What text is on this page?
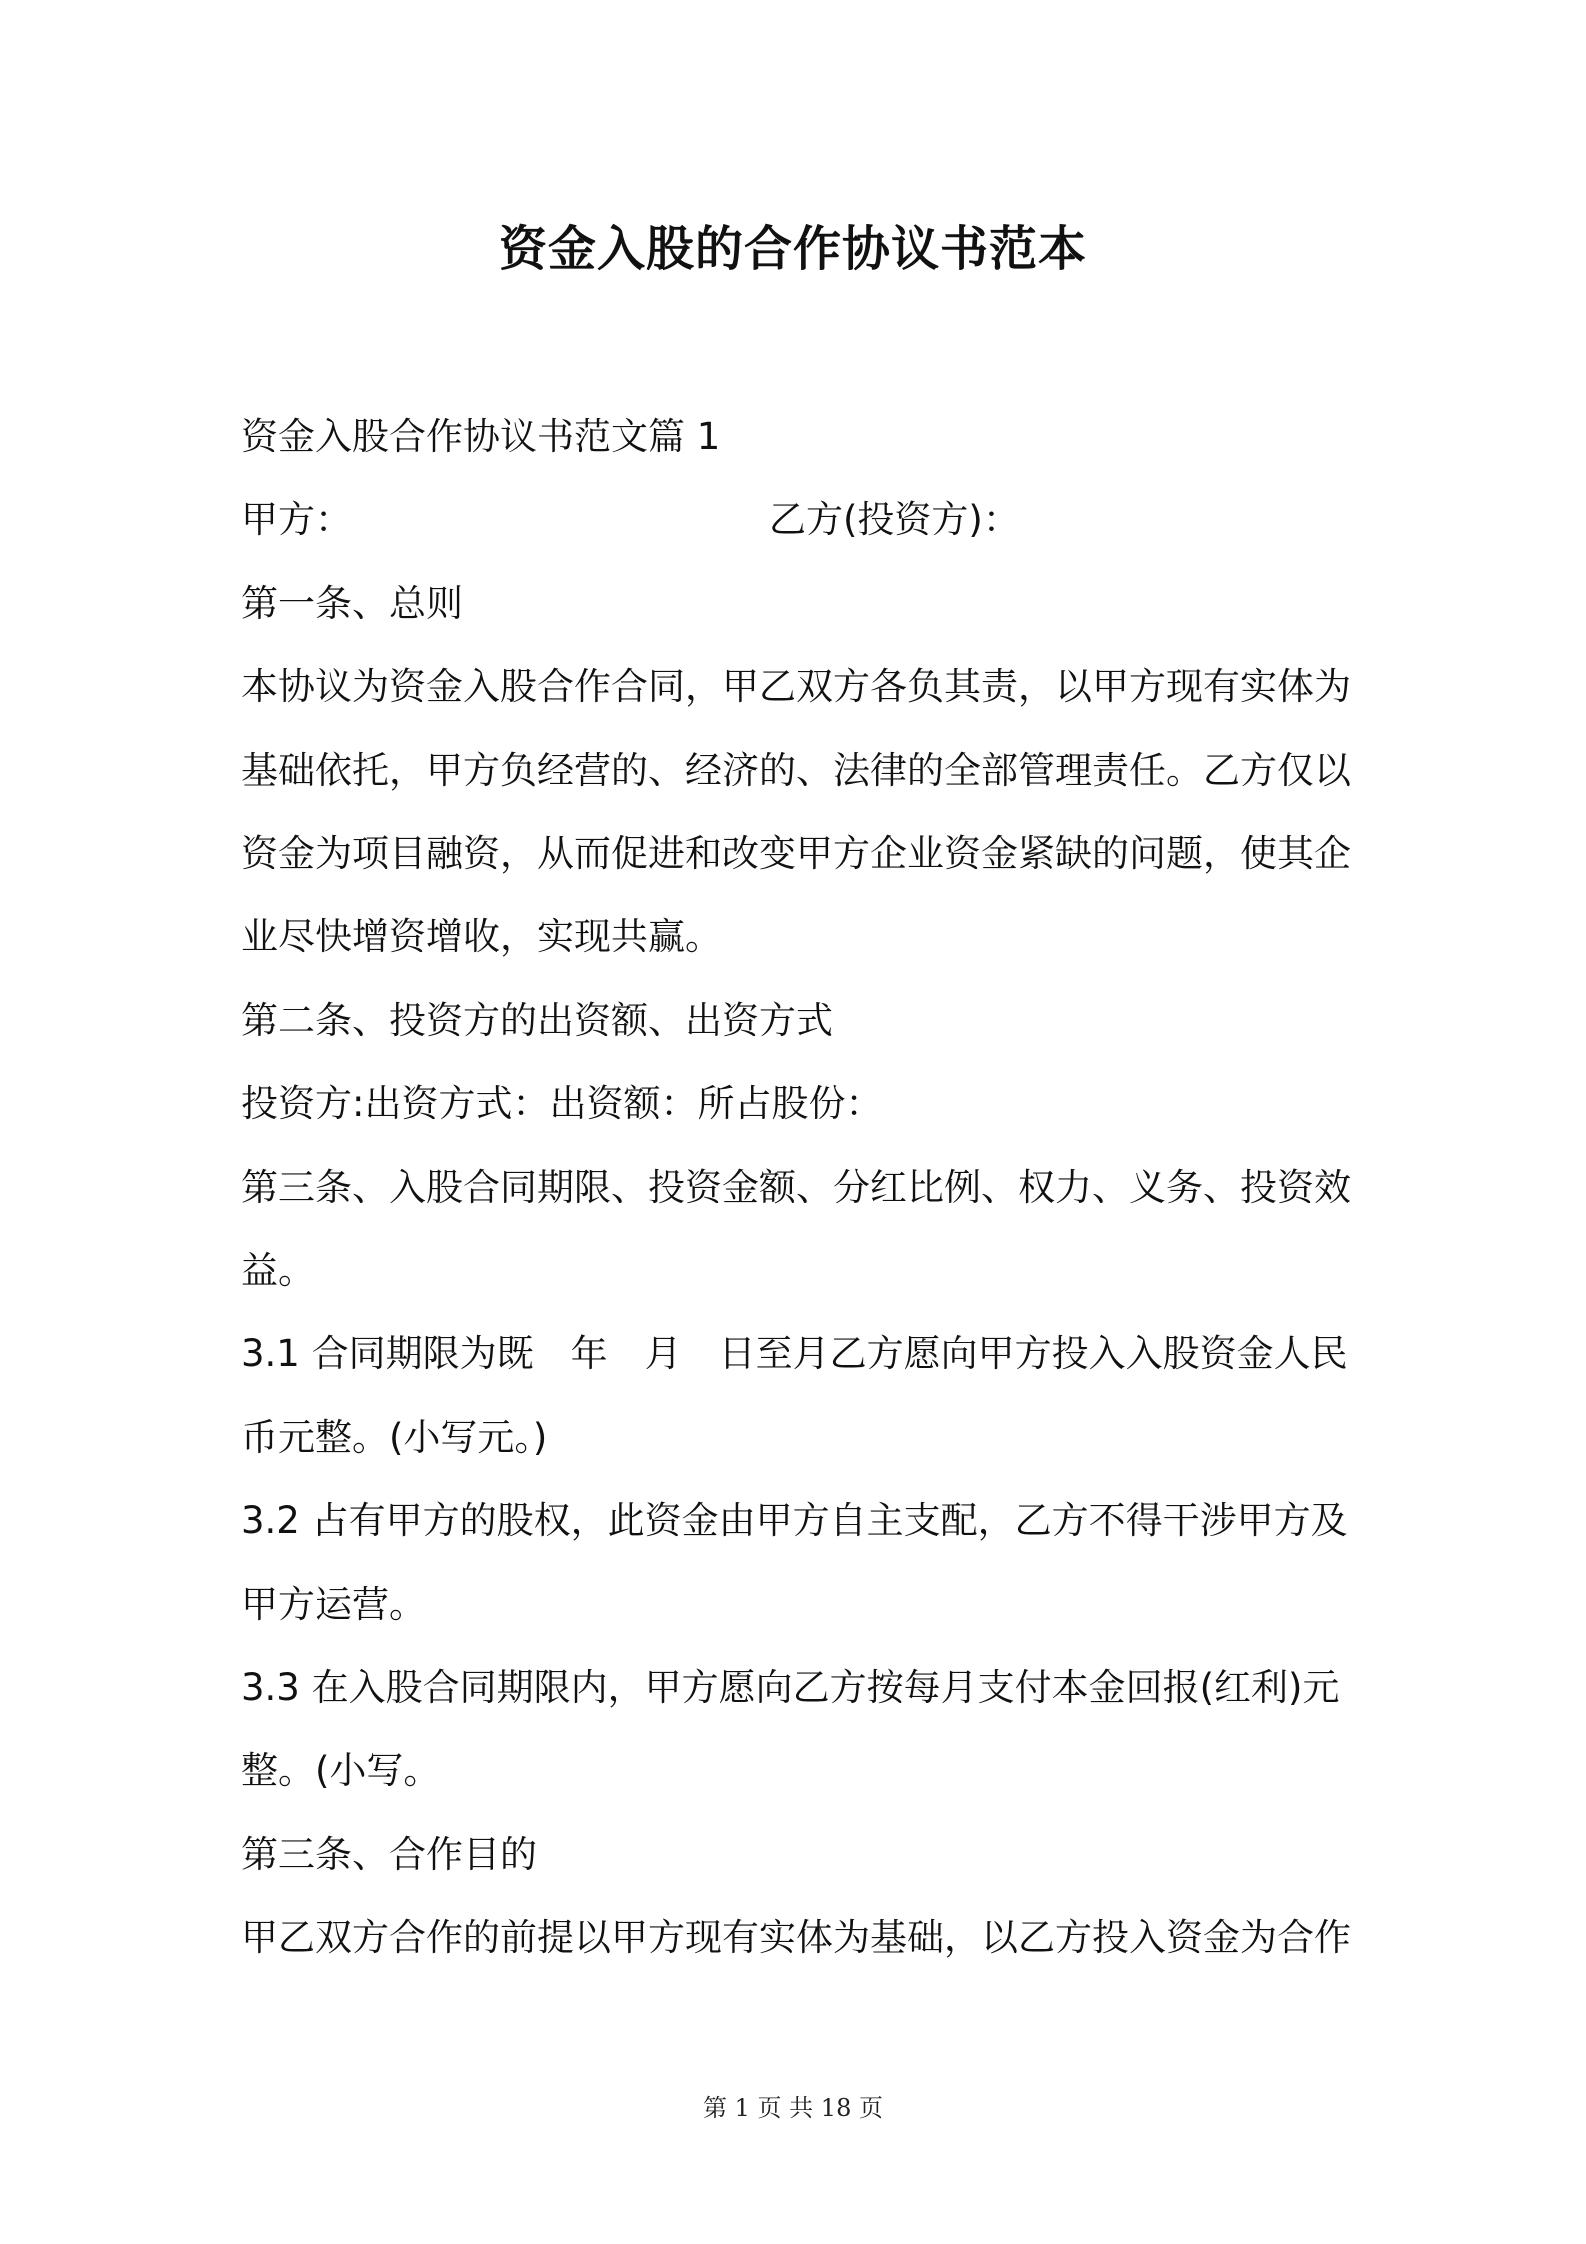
资金入股的合作协议书范本

资金入股合作协议书范文篇 1

甲方：	乙方(投资方)：

第一条、总则

本协议为资金入股合作合同，甲乙双方各负其责，以甲方现有实体为基础依托，甲方负经营的、经济的、法律的全部管理责任。乙方仅以资金为项目融资，从而促进和改变甲方企业资金紧缺的问题，使其企业尽快增资增收，实现共赢。

第二条、投资方的出资额、出资方式

投资方:出资方式：出资额：所占股份：

第三条、入股合同期限、投资金额、分红比例、权力、义务、投资效益。

3.1 合同期限为既　年　月　日至月乙方愿向甲方投入入股资金人民币元整。(小写元。)

3.2 占有甲方的股权，此资金由甲方自主支配，乙方不得干涉甲方及甲方运营。

3.3 在入股合同期限内，甲方愿向乙方按每月支付本金回报(红利)元整。(小写。

第三条、合作目的

甲乙双方合作的前提以甲方现有实体为基础，以乙方投入资金为合作

第 1 页 共 18 页
